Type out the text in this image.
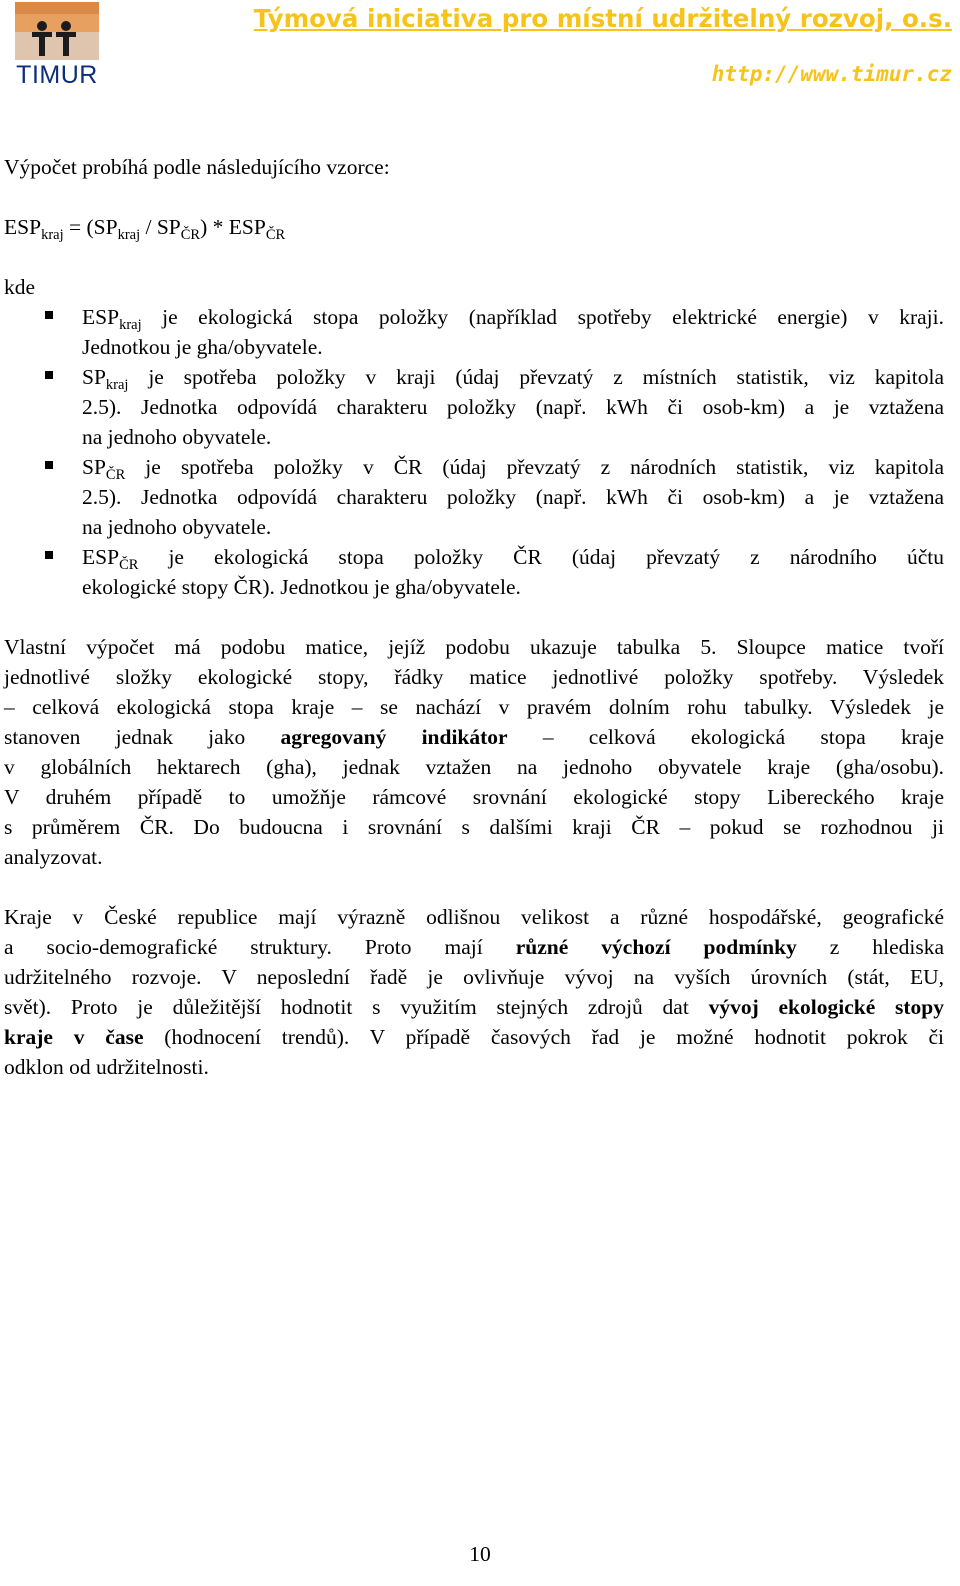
TIMUR
Týmová iniciativa pro místní udržitelný rozvoj, o.s.
http://www.timur.cz
Výpočet probíhá podle následujícího vzorce:
$ESP_{kraj} = (SP_{kraj} / SP_{ČR}) * ESP_{ČR}$
kde
$ESP_{kraj}$ je ekologická stopa položky (například spotřeby elektrické energie) v kraji.
Jednotkou je gha/obyvatele.
$SP_{kraj}$ je spotřeba položky v kraji (údaj převzatý z místních statistik, viz kapitola
2.5). Jednotka odpovídá charakteru položky (např. kWh či osob-km) a je vztažena
na jednoho obyvatele.
$SP_{ČR}$ je spotřeba položky v ČR (údaj převzatý z národních statistik, viz kapitola
2.5). Jednotka odpovídá charakteru položky (např. kWh či osob-km) a je vztažena
na jednoho obyvatele.
$ESP_{ČR}$ je ekologická stopa položky ČR (údaj převzatý z národního účtu
ekologické stopy ČR). Jednotkou je gha/obyvatele.
Vlastní výpočet má podobu matice, jejíž podobu ukazuje tabulka 5. Sloupce matice tvoří
jednotlivé složky ekologické stopy, řádky matice jednotlivé položky spotřeby. Výsledek
– celková ekologická stopa kraje – se nachází v pravém dolním rohu tabulky. Výsledek je
stanoven jednak jako agregovaný indikátor – celková ekologická stopa kraje
v globálních hektarech (gha), jednak vztažen na jednoho obyvatele kraje (gha/osobu).
V druhém případě to umožňje rámcové srovnání ekologické stopy Libereckého kraje
s průměrem ČR. Do budoucna i srovnání s dalšími kraji ČR – pokud se rozhodnou ji
analyzovat.
Kraje v České republice mají výrazně odlišnou velikost a různé hospodářské, geografické
a socio-demografické struktury. Proto mají různé výchozí podmínky z hlediska
udržitelného rozvoje. V neposlední řadě je ovlivňuje vývoj na vyších úrovních (stát, EU,
svět). Proto je důležitější hodnotit s využitím stejných zdrojů dat vývoj ekologické stopy
kraje v čase (hodnocení trendů). V případě časových řad je možné hodnotit pokrok či
odklon od udržitelnosti.
10
